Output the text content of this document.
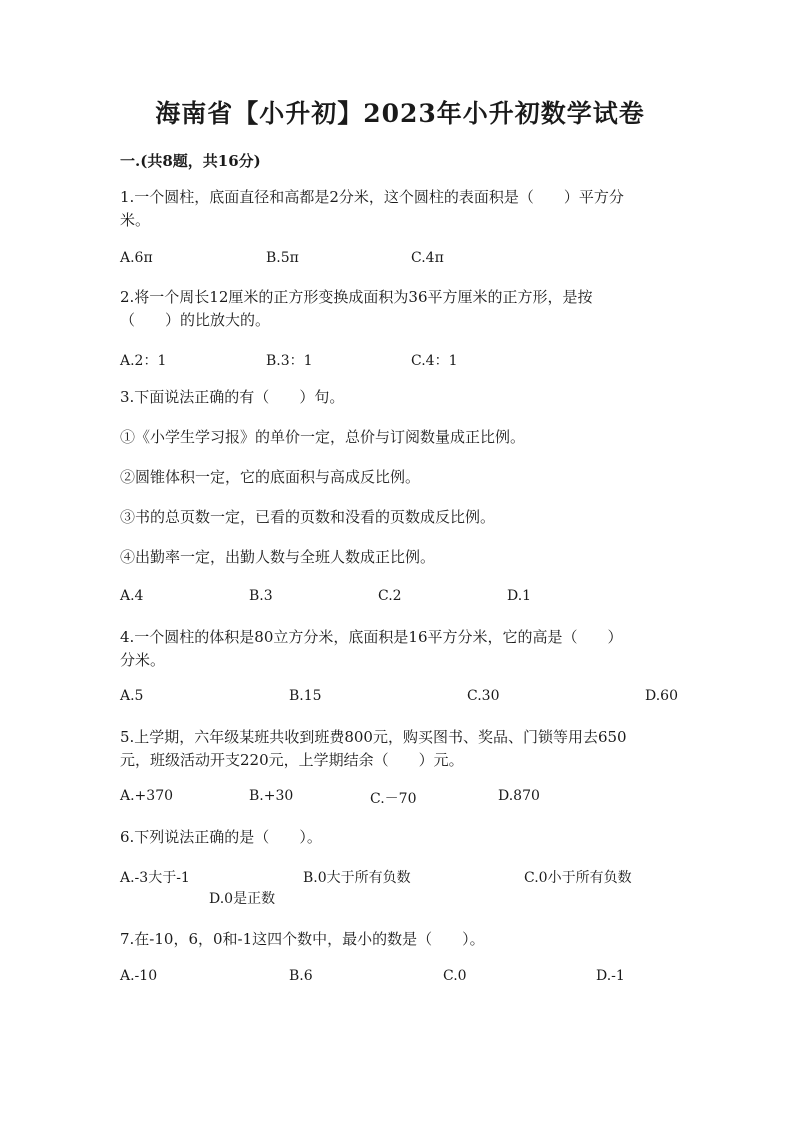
海南省【小升初】2023年小升初数学试卷
一.(共8题，共16分)
1.一个圆柱，底面直径和高都是2分米，这个圆柱的表面积是（　　）平方分
米。
A.6π	B.5π	C.4π
2.将一个周长12厘米的正方形变换成面积为36平方厘米的正方形，是按
（　　）的比放大的。
A.2：1	B.3：1	C.4：1
3.下面说法正确的有（　　）句。
①《小学生学习报》的单价一定，总价与订阅数量成正比例。
②圆锥体积一定，它的底面积与高成反比例。
③书的总页数一定，已看的页数和没看的页数成反比例。
④出勤率一定，出勤人数与全班人数成正比例。
A.4	B.3	C.2	D.1
4.一个圆柱的体积是80立方分米，底面积是16平方分米，它的高是（　　）
分米。
A.5	B.15	C.30	D.60
5.上学期，六年级某班共收到班费800元，购买图书、奖品、门锁等用去650
元，班级活动开支220元，上学期结余（　　）元。
A.+370	B.+30	C.－70	D.870
6.下列说法正确的是（　　）。
A.-3大于-1	B.0大于所有负数	C.0小于所有负数
D.0是正数
7.在-10，6，0和-1这四个数中，最小的数是（　　）。
A.-10	B.6	C.0	D.-1
